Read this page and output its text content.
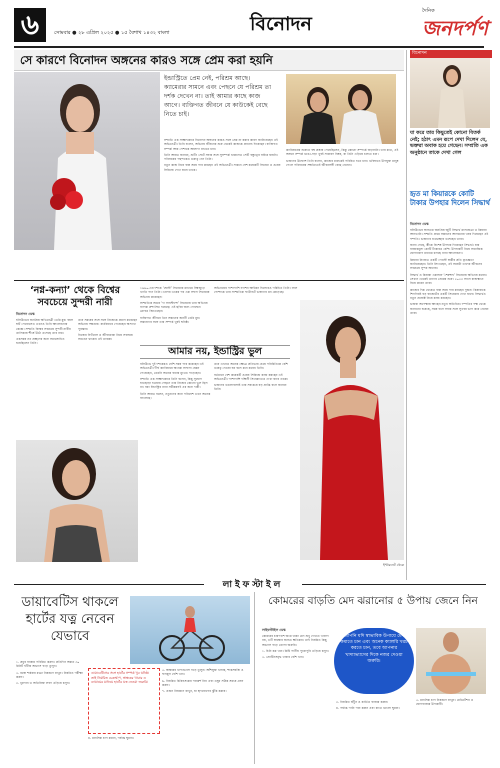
৬	সোমবার ● ২৮ এপ্রিল ২০২৫ ● ১৫ বৈশাখ ১৪৩২ বাংলা	বিনোদন
দৈনিক
জনদর্পণ
সে কারণে বিনোদন অঙ্গনের কারও সঙ্গে প্রেম করা হয়নি
ইন্ডাস্ট্রিতে প্রেম নেই, পরিশ্রম আছে। ক্যামেরার সামনে এবং পেছনে যে পরিশ্রম তা দর্শক দেখেন না। তাই আমার কাছে কাজ আগে। ব্যক্তিগত জীবনে যে কাউকেই বেছে নিতে চাই।

সম্প্রতি এক সাক্ষাৎকারে বিনোদন অঙ্গনের কারও সঙ্গে প্রেম না করার কারণ জানিয়েছেন এই অভিনেত্রী। তিনি বলেন, অভিনয় জীবনের শুরু থেকেই কাজকে প্রাধান্য দিয়েছেন। ব্যক্তিগত সম্পর্ক আর পেশাকে আলাদা রাখতে চান।

তিনি আরও জানান, শুটিং সেটে সবার সঙ্গে সুসম্পর্ক থাকলেও সেটি বন্ধুত্বের বাইরে যায়নি। পরিবারের পছন্দকেও গুরুত্ব দেন তিনি।

নতুন কাজ নিয়ে ব্যস্ত সময় পার করছেন এই অভিনেত্রী। সামনে বেশ কয়েকটি সিনেমা ও ওয়েব সিরিজে দেখা যাবে তাকে।

ক্যারিয়ারের শুরুতে বহু প্রস্তাব পেয়েছিলেন, কিন্তু কোনো সম্পর্কে জড়াননি। তার মতে, এই অঙ্গনে সম্পর্ক ভাঙা-গড়া খুবই সাধারণ বিষয়, যা তিনি এড়িয়ে চলতে চান।

ভক্তদের উদ্দেশে তিনি বলেন, কাজের মাধ্যমেই পরিচিত হতে চান। ভবিষ্যতে উপযুক্ত মানুষ পেলে পরিবারের সম্মতিতেই জীবনসঙ্গী বেছে নেবেন।

বিনোদন
যা করে তার কিছুতেই কোনো বিতর্ক নেই; হঠাৎ এমন রূপে দেখা দিলেন যে, ভক্তরা অবাক হয়ে গেছেন। সম্প্রতি এক অনুষ্ঠানে তাকে দেখা গেল
হৃত মা কিয়ারকে কোটি টাকার উপহার দিলেন সিদ্ধার্থ
বিনোদন ডেস্ক

বলিউডের অন্যতম জনপ্রিয় জুটি সিদ্ধার্থ মালহোত্রা ও কিয়ারা আদভানি। সম্প্রতি প্রথম সন্তানের আগমনের খবর দিয়েছেন এই দম্পতি। ভক্তদের শুভেচ্ছায় ভাসছেন তারা।

জানা গেছে, স্ত্রীকে বিশেষ উপহার দিয়েছেন সিদ্ধার্থ। যার বাজারমূল্য কোটি টাকারও বেশি। উপহারটি নিয়ে সামাজিক যোগাযোগ মাধ্যমে চলছে নানা আলোচনা।

কিয়ারা নিজেও একটি পোস্টে স্বামীর প্রতি কৃতজ্ঞতা জানিয়েছেন। তিনি লিখেছেন, এই সময়টা তাদের জীবনের সবচেয়ে সুন্দর অধ্যায়।

সিদ্ধার্থ ও কিয়ারা একসঙ্গে ‘শেরশাহ’ সিনেমায় অভিনয় করেন। সেখান থেকেই তাদের প্রেমের শুরু। ২০২৩ সালে রাজস্থানে বিয়ে করেন তারা।

কাজের দিক থেকেও ব্যস্ত সময় পার করছেন দুজন। কিয়ারাকে শিগগিরই বড় বাজেটের একটি সিনেমায় দেখা যাবে। সিদ্ধার্থও নতুন প্রজেক্ট নিয়ে কাজ করছেন।

ভক্তরা অপেক্ষায় আছেন নতুন অতিথির। দম্পতির পক্ষ থেকে জানানো হয়েছে, সময় হলে সবার সঙ্গে সুখবর ভাগ করে নেবেন তারা।

‘নগ্ন-কন্যা’ থেকে বিশ্বের সবচেয়ে সুন্দরী নারী
বিনোদন ডেস্ক

হলিউডের জনপ্রিয় অভিনেত্রী ডেমি মুর। বয়স ষাট পেরোলেও এখনও তিনি আলোচনার কেন্দ্রে। সম্প্রতি বিশ্বের সবচেয়ে সুন্দরী নারীর তালিকায় শীর্ষে উঠে এসেছে তার নাম।

একসময় নগ্ন প্রচ্ছদের জন্য সমালোচিত হয়েছিলেন তিনি।

তবে সময়ের সঙ্গে সঙ্গে নিজেকে প্রমাণ করেছেন অভিনয় দক্ষতায়। ক্যারিয়ারে পেয়েছেন অসংখ্য পুরস্কার।

নিজের ফিটনেস ও জীবনধারা নিয়ে সবসময় সচেতন থাকেন এই তারকা।

১৯৯০-এর দশকে ‘ঘোস্ট’ সিনেমার মাধ্যমে বিশ্বজুড়ে খ্যাতি পান তিনি। এরপর একের পর এক সফল সিনেমায় অভিনয় করেছেন।

সাম্প্রতিক সময়ে ‘দ্য সাবস্ট্যান্স’ সিনেমায় তার অভিনয় ব্যাপক প্রশংসিত হয়েছে। এই ছবির জন্য গোল্ডেন গ্লোবও জিতেছেন।

ব্যক্তিগত জীবনে তিন সন্তানের জননী ডেমি মুর। সন্তানদের সঙ্গে তার সম্পর্ক খুবই ঘনিষ্ঠ।

আমার নয়, ইন্ডাস্ট্রির ভুল

বলিউডে দুই দশকেরও বেশি সময় পার করেছেন এই অভিনেত্রী। দীর্ঘ ক্যারিয়ারে অনেক সাফল্য যেমন পেয়েছেন, তেমনি অনেক বাধার মুখেও পড়েছেন।

সম্প্রতি এক সাক্ষাৎকারে তিনি বলেন, কিছু সুযোগ হাতছাড়া হওয়ার পেছনে তার নিজের কোনো ভুল ছিল না। বরং ইন্ডাস্ট্রির নানা সমীকরণই এর জন্য দায়ী।

তিনি আরও বলেন, নতুনদের জন্য পরিবেশ এখন অনেক বদলেছে।

তবে এখনও অনেক ক্ষেত্রে প্রতিভার চেয়ে পরিচিতিকে বেশি গুরুত্ব দেওয়া হয় বলে মনে করেন তিনি।

বর্তমানে বেশ কয়েকটি ওয়েব সিরিজে কাজ করছেন এই অভিনেত্রী। পাশাপাশি দক্ষিণী সিনেমাতেও দেখা যাবে তাকে।

ভক্তদের ভালোবাসাই তার সবচেয়ে বড় প্রাপ্তি বলে জানান তিনি।

ইন্টারনেট থেকে

অভিনয়ের পাশাপাশি ফ্যাশন আইকন হিসেবেও পরিচিত তিনি। লাল পোশাকে তার সাম্প্রতিক ফটোশুট ভক্তদের মন কেড়েছে।

লাইফস্টাইল
ডায়াবেটিস থাকলে হার্টের যত্ন নেবেন যেভাবে

১. প্রচুর ব্যায়াম পরিমিত করুন। প্রতিদিন অন্তত ৩০ মিনিট হাঁটার অভ্যাস গড়ে তুলুন।

২. রক্তে শর্করার মাত্রা নিয়ন্ত্রণে রাখুন। নিয়মিত পরীক্ষা করুন।

৩. ধূমপান ও অতিরিক্ত লবণ এড়িয়ে চলুন।

ডায়াবেটিসের সঙ্গে হার্টের সম্পর্ক খুব ঘনিষ্ঠ। তাই নিয়মিত চেকআপ, স্বাস্থ্যকর খাবার ও ব্যায়ামের মাধ্যমে হার্টের যত্ন নেওয়া জরুরি।

৪. মানসিক চাপ কমান, পর্যাপ্ত ঘুমান।

৫. স্বাস্থ্যকর খাদ্যাভ্যাস গড়ে তুলুন। আঁশযুক্ত খাবার, শাকসবজি ও ফলমূল বেশি খান।

৬. নিয়মিত চিকিৎসকের পরামর্শ নিন এবং ওষুধ সঠিক সময়ে গ্রহণ করুন।

৭. ওজন নিয়ন্ত্রণে রাখুন, যা হৃদরোগের ঝুঁকি কমায়।

কোমরের বাড়তি মেদ ঝরানোর ৫ উপায় জেনে নিন
লাইফস্টাইল ডেস্ক

কোমরের চারপাশে জমে থাকা মেদ শুধু দেখতে খারাপ নয়, এটি স্বাস্থ্যের জন্যও ক্ষতিকর। তাই নিয়মিত কিছু অভ্যাস গড়ে তোলা জরুরি।

১. চিনি কম খান। মিষ্টি পানীয় পুরোপুরি এড়িয়ে চলুন।

২. প্রোটিনসমৃদ্ধ খাবার বেশি খান।

আপনি যদি স্বাভাবিক উপায়ে মেদ কমাতে চান এবং অনেক ক্যালরি খরচ করতে চান, তবে আপনার খাদ্যাভ্যাসের দিকে নজর দেওয়া জরুরি।

৩. নিয়মিত হাঁটুন ও কার্ডিও ব্যায়াম করুন।

৪. পর্যাপ্ত পানি পান করুন এবং রাতে ভালো ঘুমান।

৫. মানসিক চাপ নিয়ন্ত্রণে রাখুন। মেডিটেশন ও যোগব্যায়াম উপকারী।
